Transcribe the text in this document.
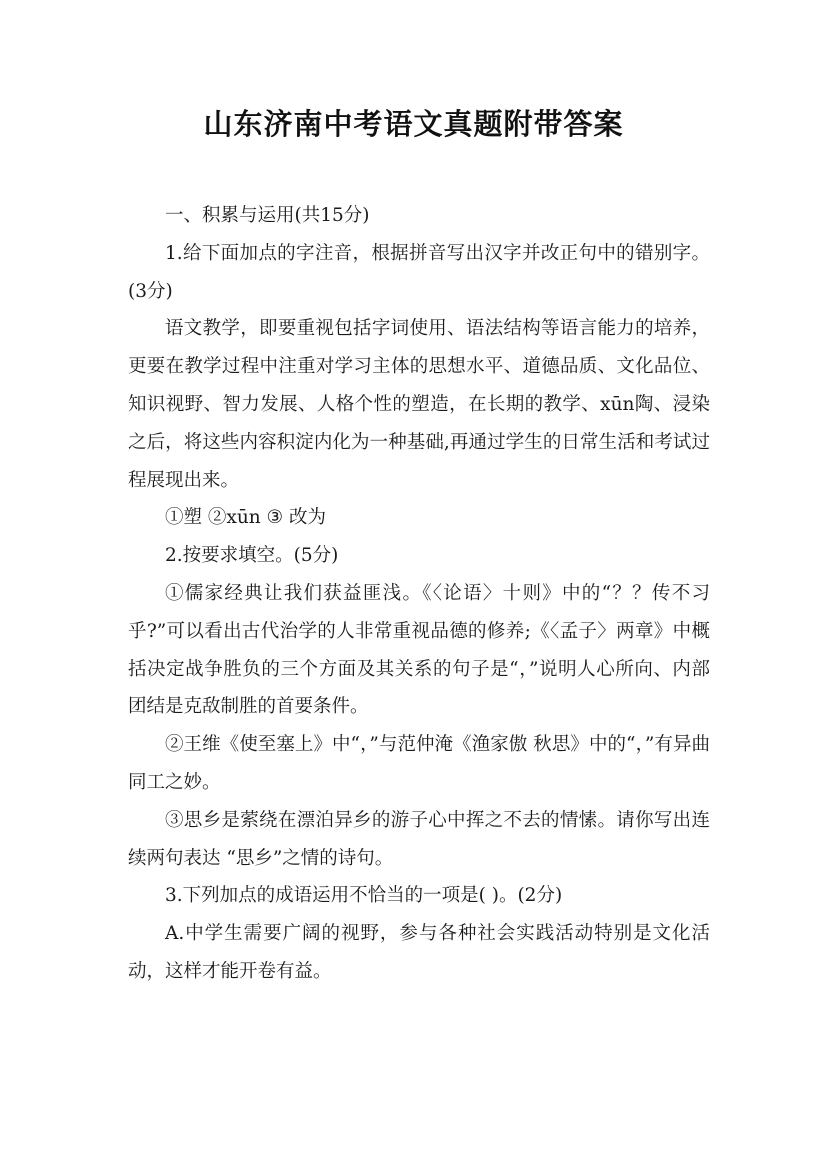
山东济南中考语文真题附带答案

一、积累与运用(共15分)

1.给下面加点的字注音，根据拼音写出汉字并改正句中的错别字。(3分)

语文教学，即要重视包括字词使用、语法结构等语言能力的培养，更要在教学过程中注重对学习主体的思想水平、道德品质、文化品位、知识视野、智力发展、人格个性的塑造，在长期的教学、xūn陶、浸染之后，将这些内容积淀内化为一种基础,再通过学生的日常生活和考试过程展现出来。

①塑 ②xūn ③ 改为

2.按要求填空。(5分)

①儒家经典让我们获益匪浅。《〈论语〉十则》中的“？？传不习乎?”可以看出古代治学的人非常重视品德的修养;《〈孟子〉两章》中概括决定战争胜负的三个方面及其关系的句子是“，”说明人心所向、内部团结是克敌制胜的首要条件。

②王维《使至塞上》中“，”与范仲淹《渔家傲 秋思》中的“，”有异曲同工之妙。

③思乡是萦绕在漂泊异乡的游子心中挥之不去的情愫。请你写出连续两句表达 “思乡”之情的诗句。

3.下列加点的成语运用不恰当的一项是( )。(2分)

A.中学生需要广阔的视野，参与各种社会实践活动特别是文化活动，这样才能开卷有益。
